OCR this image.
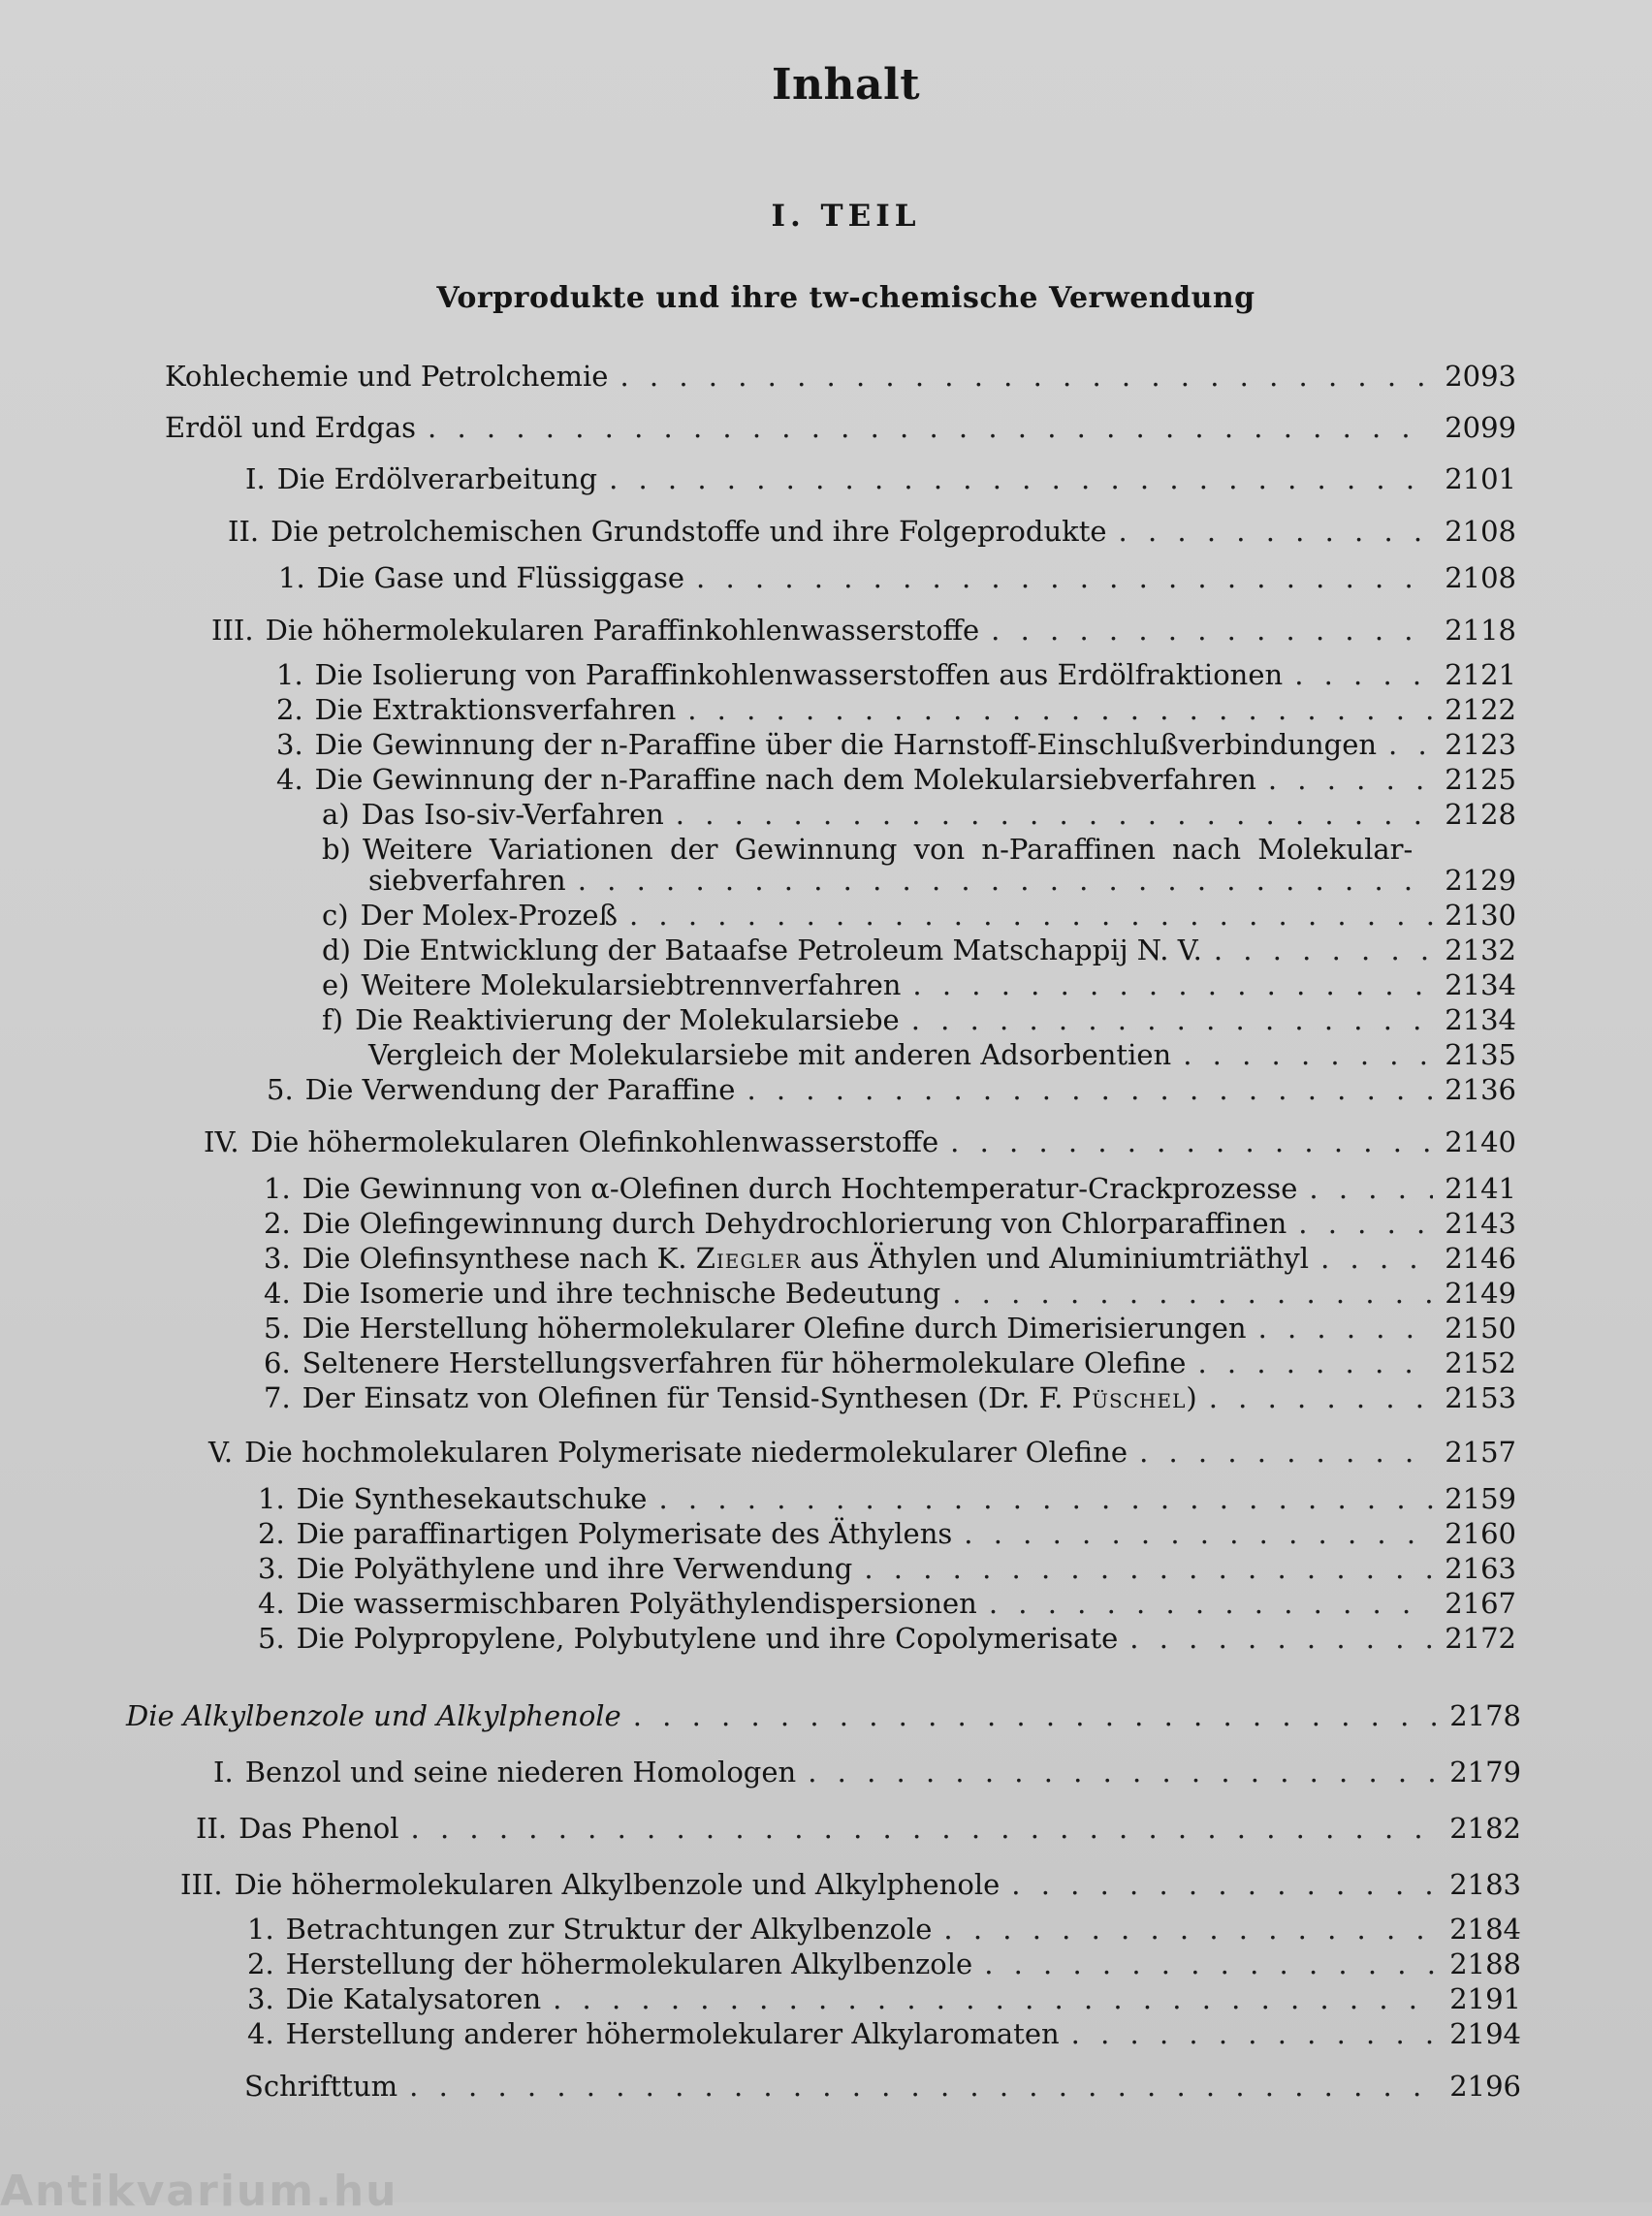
Inhalt
I. TEIL
Vorprodukte und ihre tw-chemische Verwendung
Kohlechemie und Petrolchemie . . .	2093
Erdöl und Erdgas . . .	2099
I. Die Erdölverarbeitung . . .	2101
II. Die petrolchemischen Grundstoffe und ihre Folgeprodukte . . .	2108
1. Die Gase und Flüssiggase . . .	2108
III. Die höhermolekularen Paraffinkohlenwasserstoffe . . .	2118
1. Die Isolierung von Paraffinkohlenwasserstoffen aus Erdölfraktionen . . .	2121
2. Die Extraktionsverfahren . . .	2122
3. Die Gewinnung der n-Paraffine über die Harnstoff-Einschlußverbindungen . . . 2123
4. Die Gewinnung der n-Paraffine nach dem Molekularsiebverfahren . . .	2125
a) Das Iso-siv-Verfahren . . .	2128
b) Weitere Variationen der Gewinnung von n-Paraffinen nach Molekular-
siebverfahren . . .	2129
c) Der Molex-Prozeß . . .	2130
d) Die Entwicklung der Bataafse Petroleum Matschappij N. V. . . .	2132
e) Weitere Molekularsiebtrennverfahren . . .	2134
f) Die Reaktivierung der Molekularsiebe . . .	2134
Vergleich der Molekularsiebe mit anderen Adsorbentien . . .	2135
5. Die Verwendung der Paraffine . . .	2136
IV. Die höhermolekularen Olefinkohlenwasserstoffe . . .	2140
1. Die Gewinnung von α-Olefinen durch Hochtemperatur-Crackprozesse . . .	2141
2. Die Olefingewinnung durch Dehydrochlorierung von Chlorparaffinen . . .	2143
3. Die Olefinsynthese nach K. Ziegler aus Äthylen und Aluminiumtriäthyl . . .	2146
4. Die Isomerie und ihre technische Bedeutung . . .	2149
5. Die Herstellung höhermolekularer Olefine durch Dimerisierungen . . .	2150
6. Seltenere Herstellungsverfahren für höhermolekulare Olefine . . .	2152
7. Der Einsatz von Olefinen für Tensid-Synthesen (Dr. F. Püschel) . . .	2153
V. Die hochmolekularen Polymerisate niedermolekularer Olefine . . .	2157
1. Die Synthesekautschuke . . .	2159
2. Die paraffinartigen Polymerisate des Äthylens . . .	2160
3. Die Polyäthylene und ihre Verwendung . . .	2163
4. Die wassermischbaren Polyäthylendispersionen . . .	2167
5. Die Polypropylene, Polybutylene und ihre Copolymerisate . . .	2172
Die Alkylbenzole und Alkylphenole . . .	2178
I. Benzol und seine niederen Homologen . . .	2179
II. Das Phenol . . .	2182
III. Die höhermolekularen Alkylbenzole und Alkylphenole . . .	2183
1. Betrachtungen zur Struktur der Alkylbenzole . . .	2184
2. Herstellung der höhermolekularen Alkylbenzole . . .	2188
3. Die Katalysatoren . . .	2191
4. Herstellung anderer höhermolekularer Alkylaromaten . . .	2194
Schrifttum . . .	2196
Antikvarium.hu
